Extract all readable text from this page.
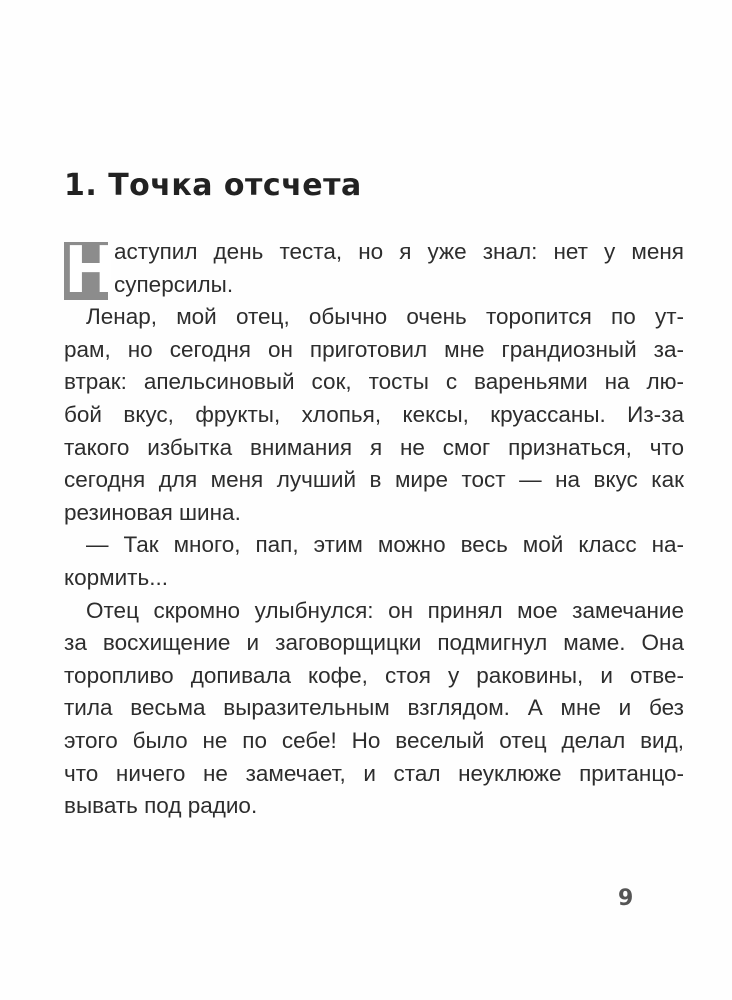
1. Точка отсчета
Н
аступил день теста, но я уже знал: нет у меня
суперсилы.
Ленар, мой отец, обычно очень торопится по ут-
рам, но сегодня он приготовил мне грандиозный за-
втрак: апельсиновый сок, тосты с вареньями на лю-
бой вкус, фрукты, хлопья, кексы, круассаны. Из-за
такого избытка внимания я не смог признаться, что
сегодня для меня лучший в мире тост — на вкус как
резиновая шина.
— Так много, пап, этим можно весь мой класс на-
кормить...
Отец скромно улыбнулся: он принял мое замечание
за восхищение и заговорщицки подмигнул маме. Она
торопливо допивала кофе, стоя у раковины, и отве-
тила весьма выразительным взглядом. А мне и без
этого было не по себе! Но веселый отец делал вид,
что ничего не замечает, и стал неуклюже пританцо-
вывать под радио.
9
